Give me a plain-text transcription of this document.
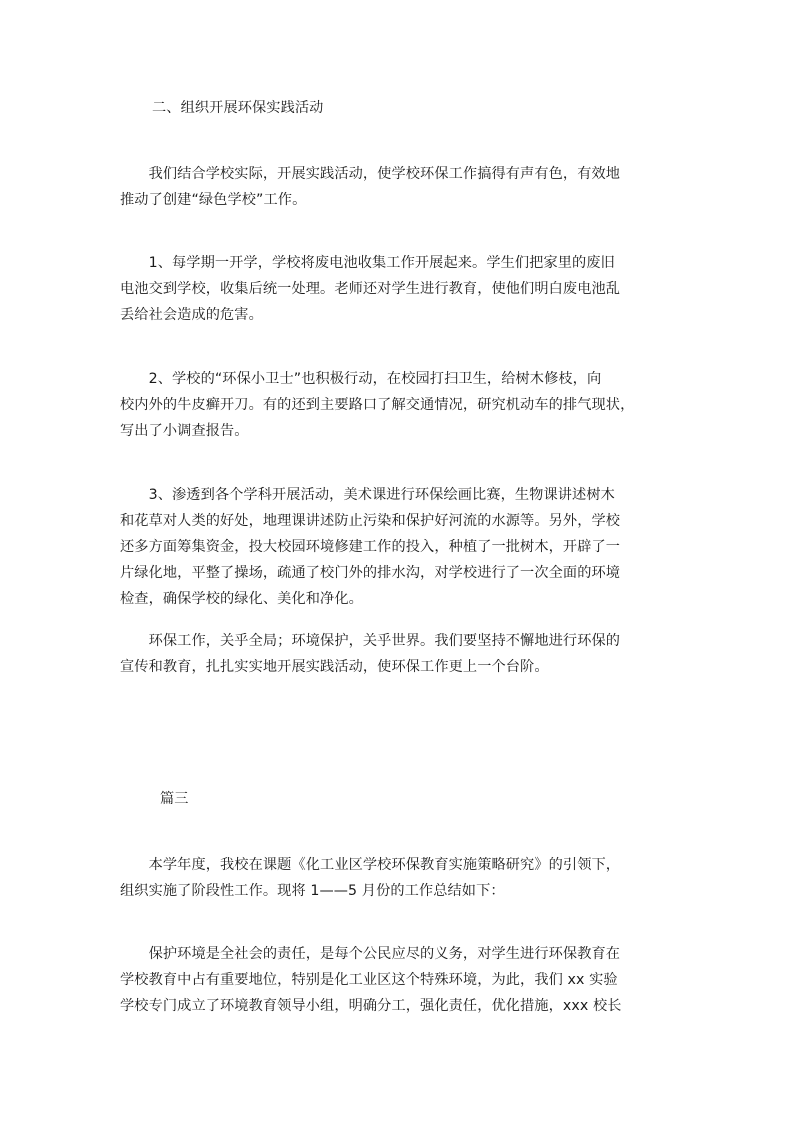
二、组织开展环保实践活动
　　我们结合学校实际，开展实践活动，使学校环保工作搞得有声有色，有效地
推动了创建“绿色学校”工作。
　　1、每学期一开学，学校将废电池收集工作开展起来。学生们把家里的废旧
电池交到学校，收集后统一处理。老师还对学生进行教育，使他们明白废电池乱
丢给社会造成的危害。
　　2、学校的“环保小卫士”也积极行动，在校园打扫卫生，给树木修枝，向
校内外的牛皮癣开刀。有的还到主要路口了解交通情况，研究机动车的排气现状，
写出了小调查报告。
　　3、渗透到各个学科开展活动，美术课进行环保绘画比赛，生物课讲述树木
和花草对人类的好处，地理课讲述防止污染和保护好河流的水源等。另外，学校
还多方面筹集资金，投大校园环境修建工作的投入，种植了一批树木，开辟了一
片绿化地，平整了操场，疏通了校门外的排水沟，对学校进行了一次全面的环境
检查，确保学校的绿化、美化和净化。
　　环保工作，关乎全局；环境保护，关乎世界。我们要坚持不懈地进行环保的
宣传和教育，扎扎实实地开展实践活动，使环保工作更上一个台阶。
篇三
　　本学年度，我校在课题《化工业区学校环保教育实施策略研究》的引领下，
组织实施了阶段性工作。现将 1——5 月份的工作总结如下：
　　保护环境是全社会的责任，是每个公民应尽的义务，对学生进行环保教育在
学校教育中占有重要地位，特别是化工业区这个特殊环境，为此，我们 xx 实验
学校专门成立了环境教育领导小组，明确分工，强化责任，优化措施，xxx 校长
